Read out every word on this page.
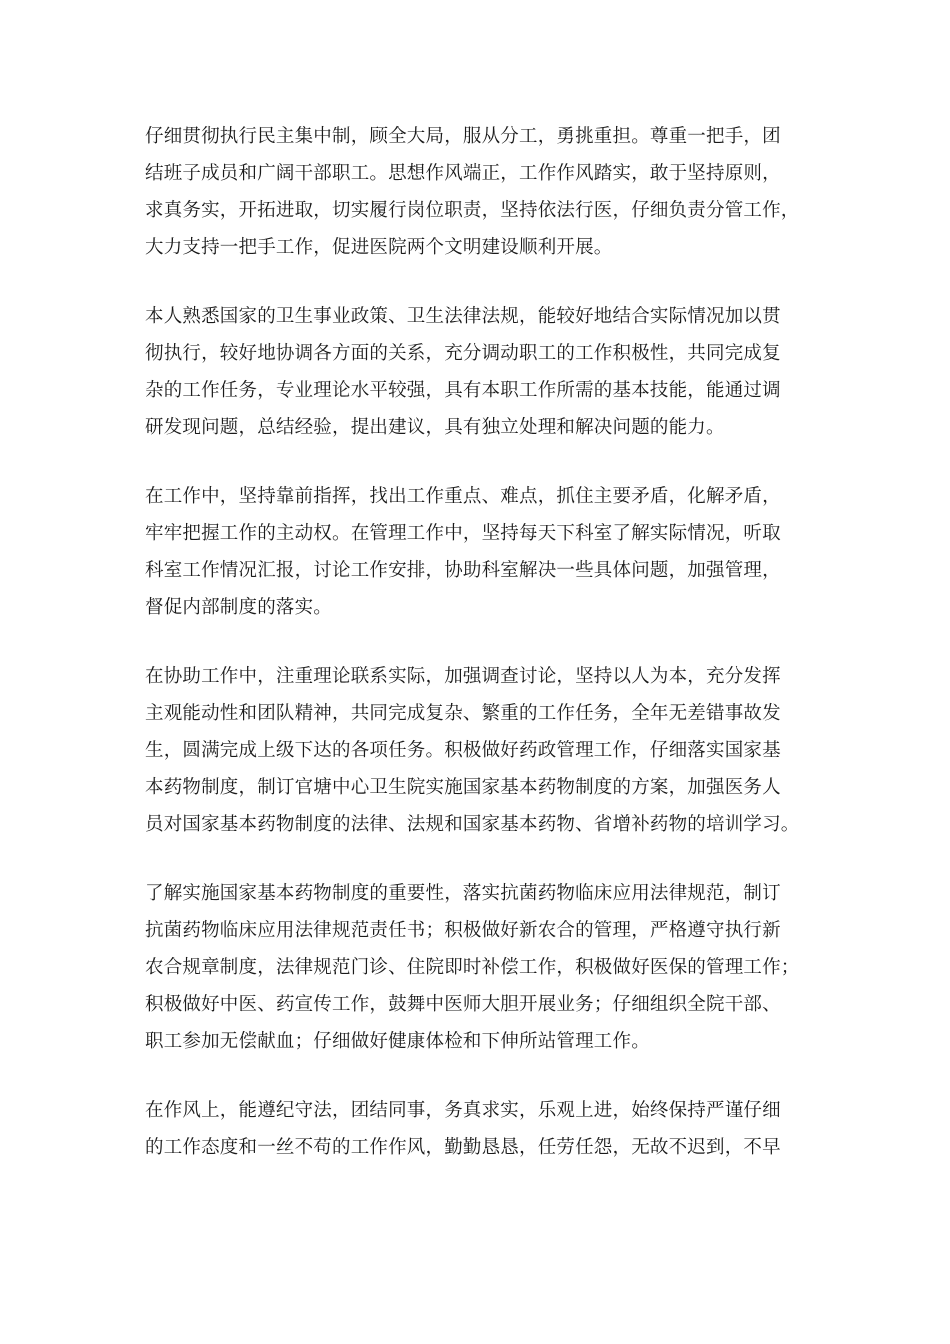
仔细贯彻执行民主集中制，顾全大局，服从分工，勇挑重担。尊重一把手，团
结班子成员和广阔干部职工。思想作风端正，工作作风踏实，敢于坚持原则，
求真务实，开拓进取，切实履行岗位职责，坚持依法行医，仔细负责分管工作，
大力支持一把手工作，促进医院两个文明建设顺利开展。

本人熟悉国家的卫生事业政策、卫生法律法规，能较好地结合实际情况加以贯
彻执行，较好地协调各方面的关系，充分调动职工的工作积极性，共同完成复
杂的工作任务，专业理论水平较强，具有本职工作所需的基本技能，能通过调
研发现问题，总结经验，提出建议，具有独立处理和解决问题的能力。

在工作中，坚持靠前指挥，找出工作重点、难点，抓住主要矛盾，化解矛盾，
牢牢把握工作的主动权。在管理工作中，坚持每天下科室了解实际情况，听取
科室工作情况汇报，讨论工作安排，协助科室解决一些具体问题，加强管理，
督促内部制度的落实。

在协助工作中，注重理论联系实际，加强调查讨论，坚持以人为本，充分发挥
主观能动性和团队精神，共同完成复杂、繁重的工作任务，全年无差错事故发
生，圆满完成上级下达的各项任务。积极做好药政管理工作，仔细落实国家基
本药物制度，制订官塘中心卫生院实施国家基本药物制度的方案，加强医务人
员对国家基本药物制度的法律、法规和国家基本药物、省增补药物的培训学习。

了解实施国家基本药物制度的重要性，落实抗菌药物临床应用法律规范，制订
抗菌药物临床应用法律规范责任书；积极做好新农合的管理，严格遵守执行新
农合规章制度，法律规范门诊、住院即时补偿工作，积极做好医保的管理工作；
积极做好中医、药宣传工作，鼓舞中医师大胆开展业务；仔细组织全院干部、
职工参加无偿献血；仔细做好健康体检和下伸所站管理工作。

在作风上，能遵纪守法，团结同事，务真求实，乐观上进，始终保持严谨仔细
的工作态度和一丝不苟的工作作风，勤勤恳恳，任劳任怨，无故不迟到，不早
